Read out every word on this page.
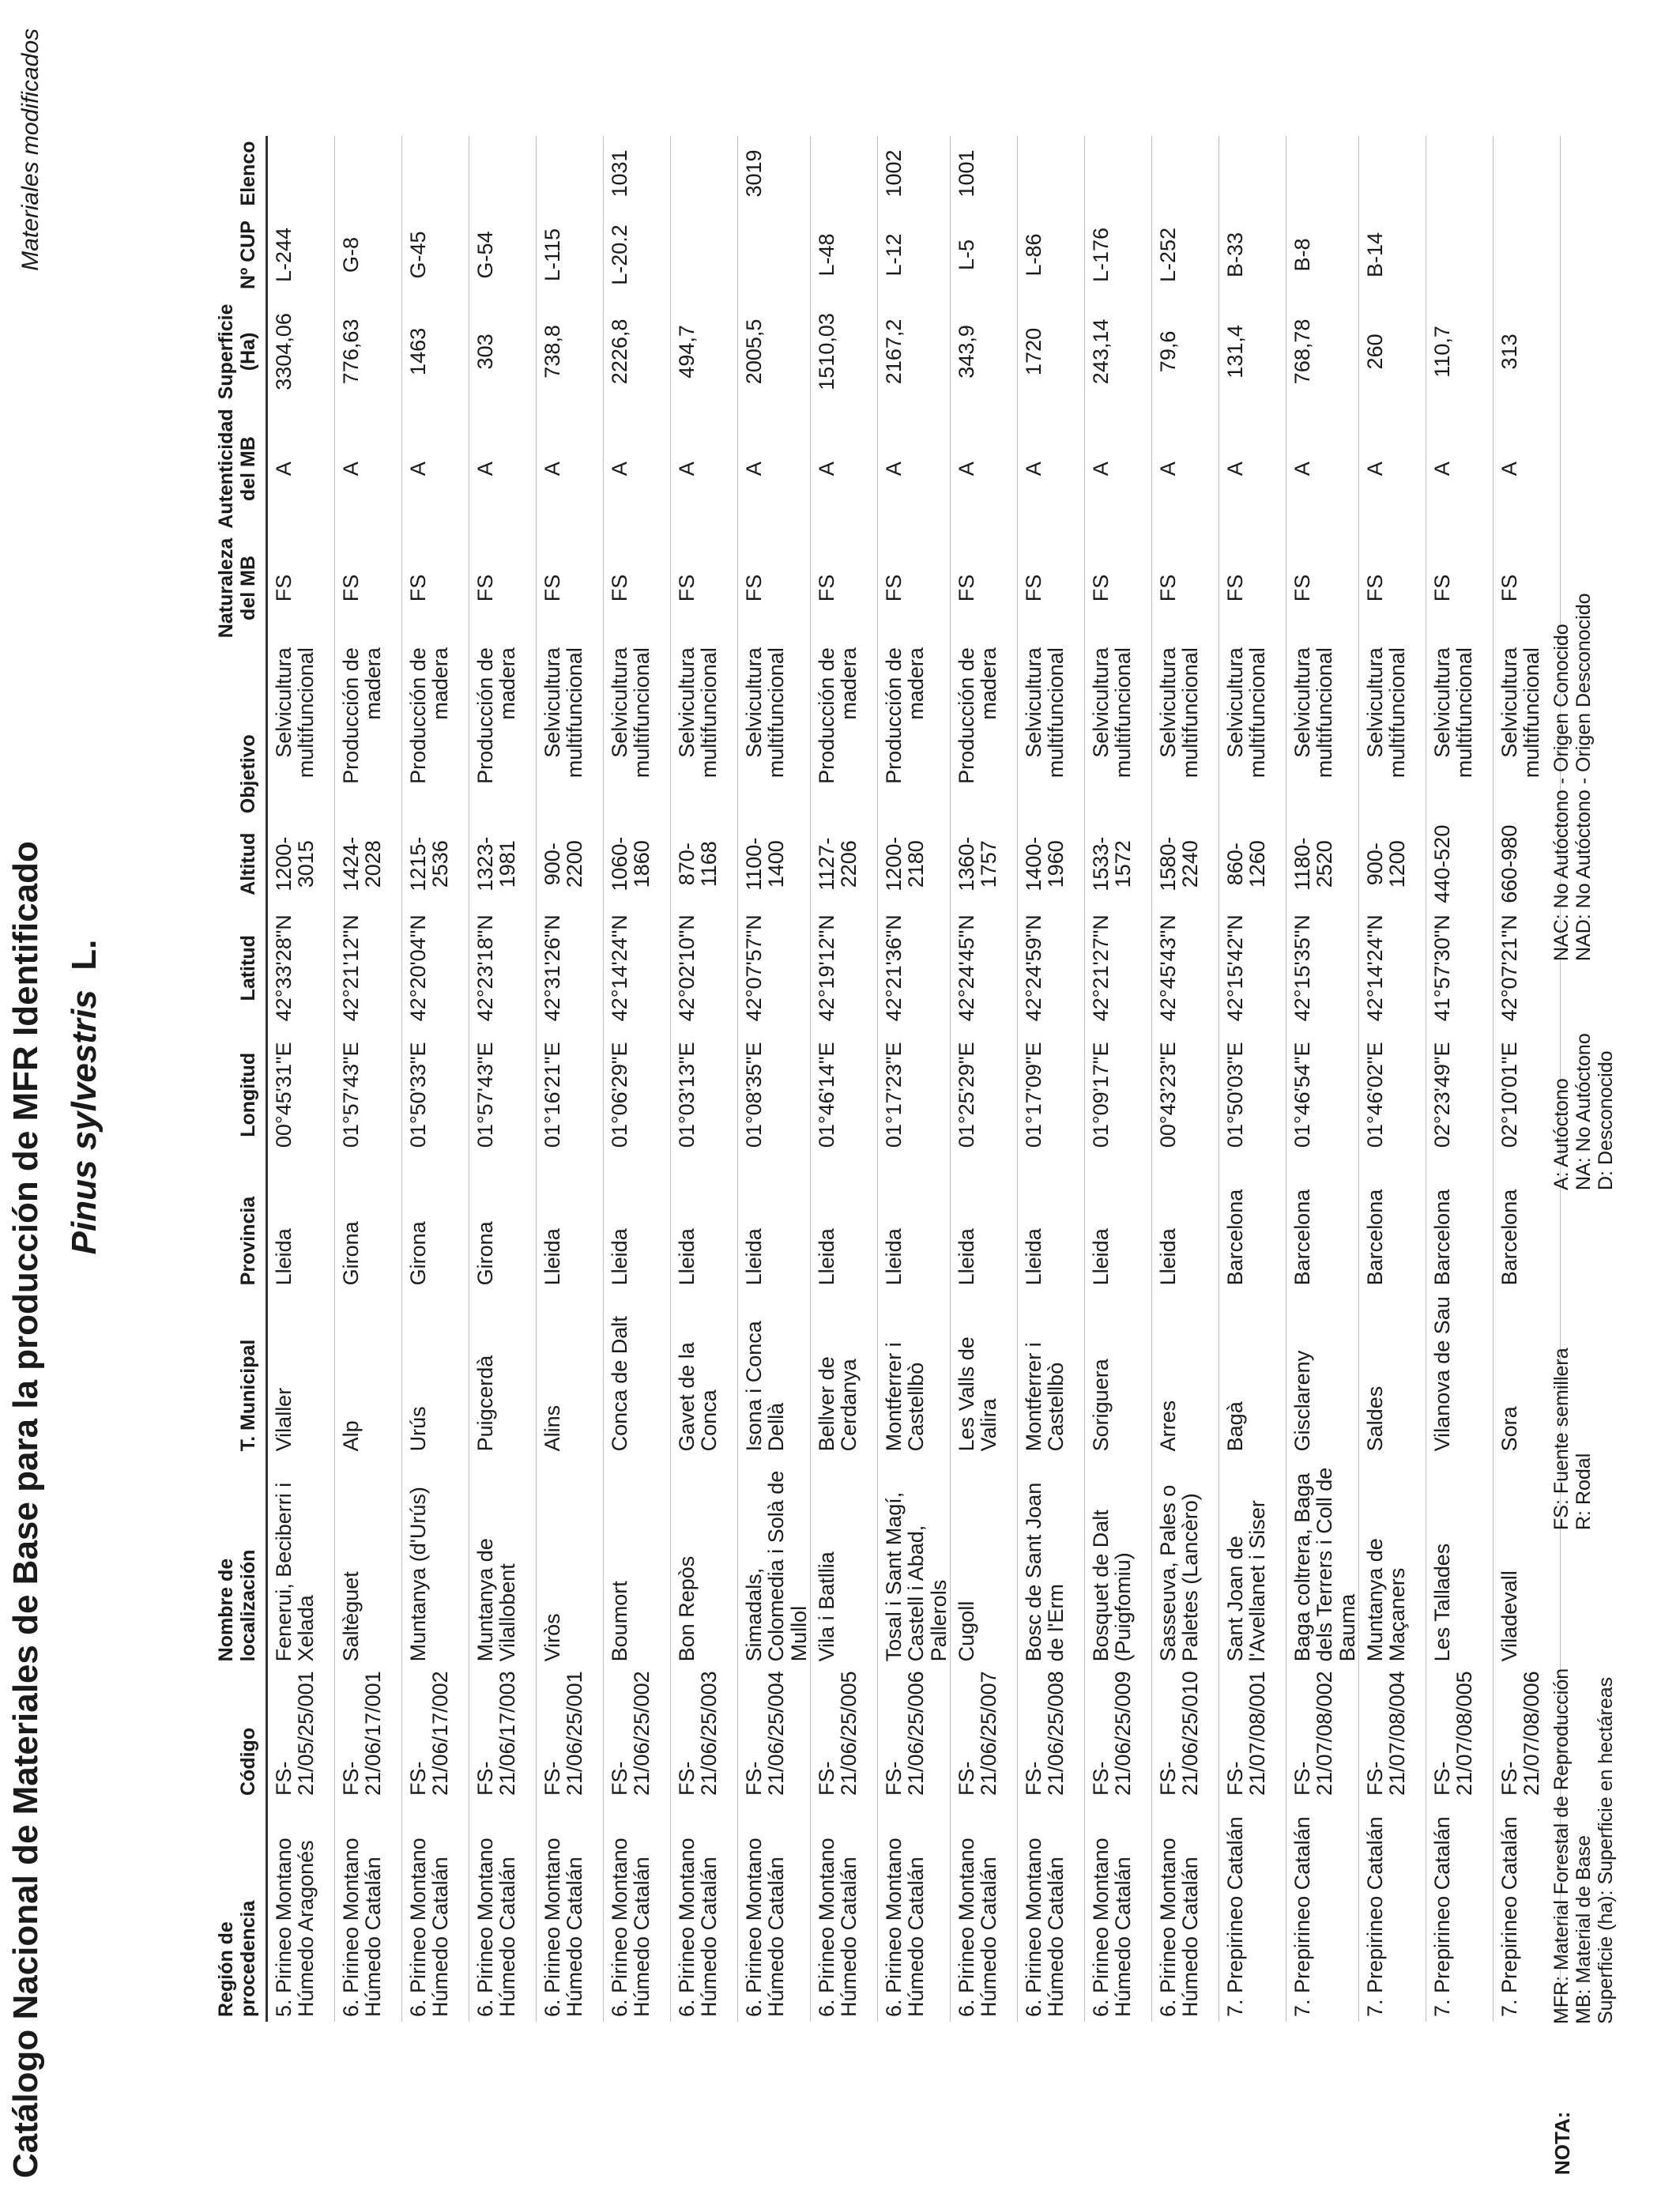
Catálogo Nacional de Materiales de Base para la producción de MFR Identificado
Materiales modificados
Pinus sylvestris  L.
Región de procedencia	Código	Nombre de localización	T. Municipal	Provincia	Longitud	Latitud	Altitud	Objetivo	Naturaleza del MB	Autenticidad del MB	Superficie (Ha)	Nº CUP	Elenco
5. Pirineo Montano Húmedo Aragonés	FS-21/05/25/001	Fenerui, Beciberri i Xelada	Vilaller	Lleida	00°45'31"E	42°33'28"N	1200-3015	Selvicultura multifuncional	FS	A	3304,06	L-244	
6. Pirineo Montano Húmedo Catalán	FS-21/06/17/001	Saltèguet	Alp	Girona	01°57'43"E	42°21'12"N	1424-2028	Producción de madera	FS	A	776,63	G-8	
6. Pirineo Montano Húmedo Catalán	FS-21/06/17/002	Muntanya (d'Urús)	Urús	Girona	01°50'33"E	42°20'04"N	1215-2536	Producción de madera	FS	A	1463	G-45	
6. Pirineo Montano Húmedo Catalán	FS-21/06/17/003	Muntanya de Vilallobent	Puigcerdà	Girona	01°57'43"E	42°23'18"N	1323-1981	Producción de madera	FS	A	303	G-54	
6. Pirineo Montano Húmedo Catalán	FS-21/06/25/001	Viròs	Alins	Lleida	01°16'21"E	42°31'26"N	900-2200	Selvicultura multifuncional	FS	A	738,8	L-115	
6. Pirineo Montano Húmedo Catalán	FS-21/06/25/002	Boumort	Conca de Dalt	Lleida	01°06'29"E	42°14'24"N	1060-1860	Selvicultura multifuncional	FS	A	2226,8	L-20.2	1031
6. Pirineo Montano Húmedo Catalán	FS-21/06/25/003	Bon Repòs	Gavet de la Conca	Lleida	01°03'13"E	42°02'10"N	870-1168	Selvicultura multifuncional	FS	A	494,7		
6. Pirineo Montano Húmedo Catalán	FS-21/06/25/004	Simadals, Colomedia i Solà de Mullol	Isona i Conca Dellà	Lleida	01°08'35"E	42°07'57"N	1100-1400	Selvicultura multifuncional	FS	A	2005,5		3019
6. Pirineo Montano Húmedo Catalán	FS-21/06/25/005	Vila i Batllia	Bellver de Cerdanya	Lleida	01°46'14"E	42°19'12"N	1127-2206	Producción de madera	FS	A	1510,03	L-48	
6. Pirineo Montano Húmedo Catalán	FS-21/06/25/006	Tosal i Sant Magí, Castell i Abad, Pallerols	Montferrer i Castellbò	Lleida	01°17'23"E	42°21'36"N	1200-2180	Producción de madera	FS	A	2167,2	L-12	1002
6. Pirineo Montano Húmedo Catalán	FS-21/06/25/007	Cugoll	Les Valls de Valira	Lleida	01°25'29"E	42°24'45"N	1360-1757	Producción de madera	FS	A	343,9	L-5	1001
6. Pirineo Montano Húmedo Catalán	FS-21/06/25/008	Bosc de Sant Joan de l'Erm	Montferrer i Castellbò	Lleida	01°17'09"E	42°24'59"N	1400-1960	Selvicultura multifuncional	FS	A	1720	L-86	
6. Pirineo Montano Húmedo Catalán	FS-21/06/25/009	Bosquet de Dalt (Puigfomiu)	Soriguera	Lleida	01°09'17"E	42°21'27"N	1533-1572	Selvicultura multifuncional	FS	A	243,14	L-176	
6. Pirineo Montano Húmedo Catalán	FS-21/06/25/010	Sasseuva, Pales o Paletes (Lancèro)	Arres	Lleida	00°43'23"E	42°45'43"N	1580-2240	Selvicultura multifuncional	FS	A	79,6	L-252	
7. Prepirineo Catalán	FS-21/07/08/001	Sant Joan de l'Avellanet i Siser	Bagà	Barcelona	01°50'03"E	42°15'42"N	860-1260	Selvicultura multifuncional	FS	A	131,4	B-33	
7. Prepirineo Catalán	FS-21/07/08/002	Baga coltrera, Baga dels Terrers i Coll de Bauma	Gisclareny	Barcelona	01°46'54"E	42°15'35"N	1180-2520	Selvicultura multifuncional	FS	A	768,78	B-8	
7. Prepirineo Catalán	FS-21/07/08/004	Muntanya de Maçaners	Saldes	Barcelona	01°46'02"E	42°14'24"N	900-1200	Selvicultura multifuncional	FS	A	260	B-14	
7. Prepirineo Catalán	FS-21/07/08/005	Les Tallades	Vilanova de Sau	Barcelona	02°23'49"E	41°57'30"N	440-520	Selvicultura multifuncional	FS	A	110,7		
7. Prepirineo Catalán	FS-21/07/08/006	Viladevall	Sora	Barcelona	02°10'01"E	42°07'21"N	660-980	Selvicultura multifuncional	FS	A	313		
NOTA:
MFR: Material Forestal de Reproducción MB: Material de Base Superficie (ha): Superficie en hectáreas
FS: Fuente semillera R: Rodal
A: Autóctono NA: No Autóctono D: Desconocido
NAC: No Autóctono - Origen Conocido NAD: No Autóctono - Origen Desconocido
